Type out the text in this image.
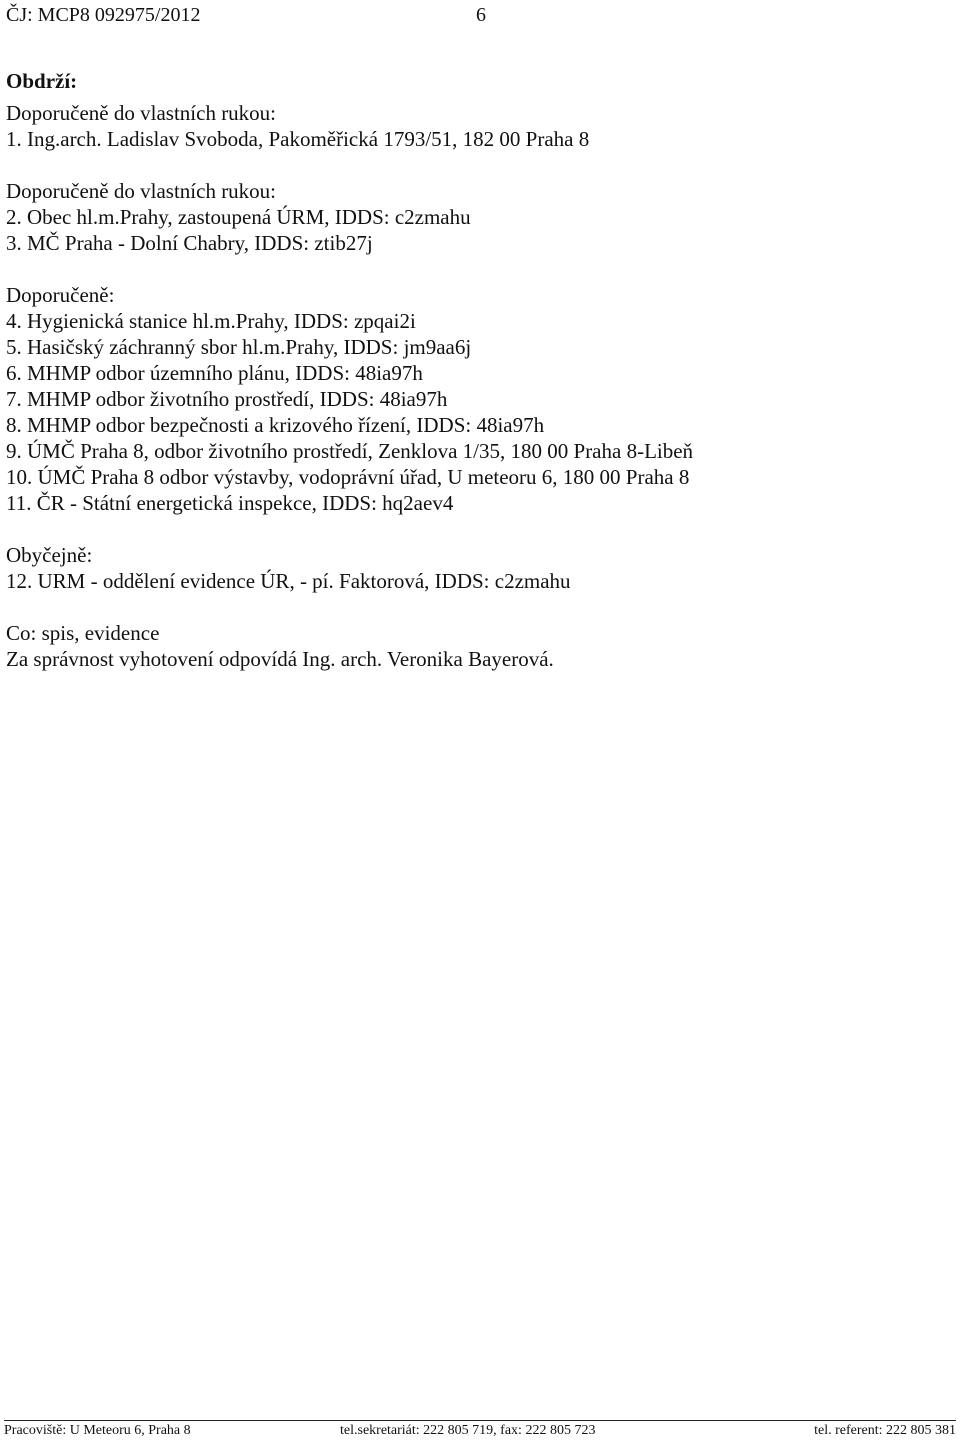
ČJ: MCP8 092975/2012	6
Obdrží:
Doporučeně do vlastních rukou:
1. Ing.arch. Ladislav Svoboda, Pakoměřická 1793/51, 182 00 Praha 8
Doporučeně do vlastních rukou:
2. Obec hl.m.Prahy, zastoupená ÚRM, IDDS: c2zmahu
3. MČ Praha - Dolní Chabry, IDDS: ztib27j
Doporučeně:
4. Hygienická stanice hl.m.Prahy, IDDS: zpqai2i
5. Hasičský záchranný sbor hl.m.Prahy, IDDS: jm9aa6j
6. MHMP odbor územního plánu, IDDS: 48ia97h
7. MHMP odbor životního prostředí, IDDS: 48ia97h
8. MHMP odbor bezpečnosti a krizového řízení, IDDS: 48ia97h
9. ÚMČ Praha 8, odbor životního prostředí, Zenklova 1/35, 180 00 Praha 8-Libeň
10. ÚMČ Praha 8 odbor výstavby, vodoprávní úřad, U meteoru 6, 180 00 Praha 8
11. ČR - Státní energetická inspekce, IDDS: hq2aev4
Obyčejně:
12. URM - oddělení evidence ÚR, - pí. Faktorová, IDDS: c2zmahu
Co: spis, evidence
Za správnost vyhotovení odpovídá Ing. arch. Veronika Bayerová.
Pracoviště: U Meteoru 6, Praha 8	tel.sekretariát: 222 805 719, fax: 222 805 723	tel. referent: 222 805 381
